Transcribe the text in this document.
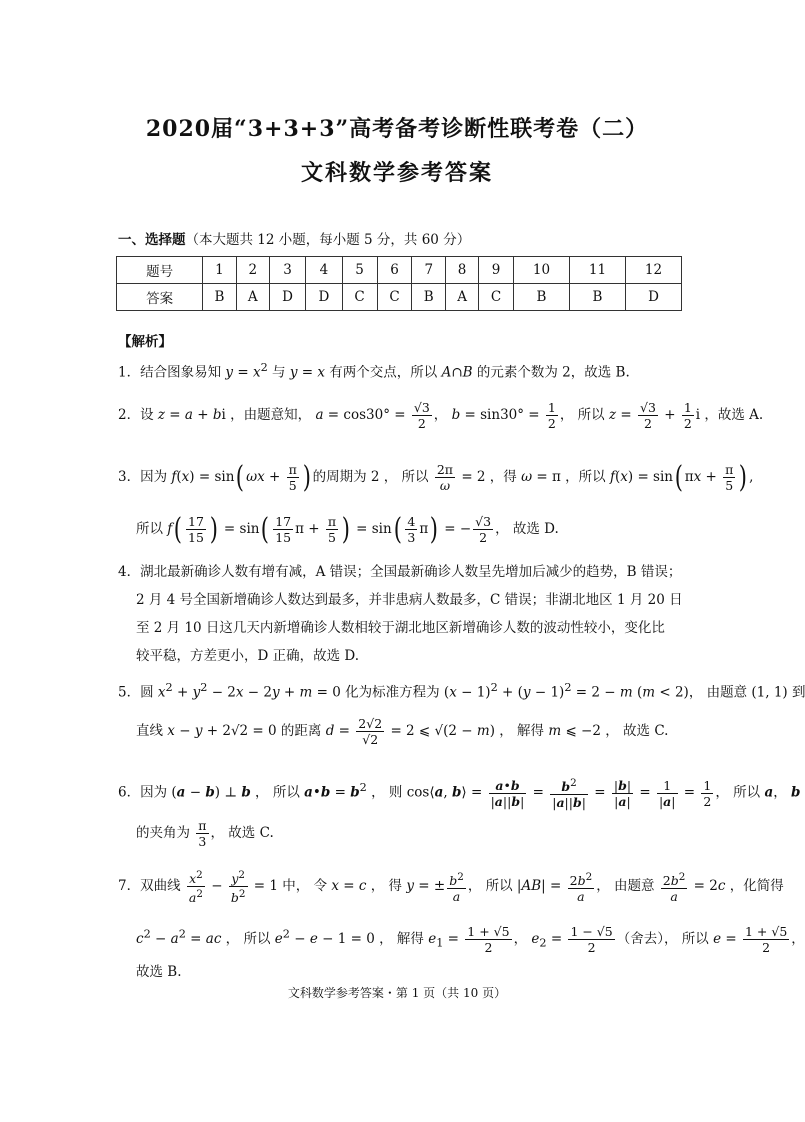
2020届“3+3+3”高考备考诊断性联考卷（二）
文科数学参考答案
一、选择题（本大题共 12 小题，每小题 5 分，共 60 分）
题号	1	2	3	4	5	6	7	8	9	10	11	12
答案	B	A	D	D	C	C	B	A	C	B	B	D
【解析】
1．结合图象易知 $y = x^2$ 与 y = x 有两个交点，所以 A∩B 的元素个数为 2，故选 B.
2．设 z = a + bi ，由题意知， $a = \cos 30^\circ = \frac{√3}{2}$ ， $b = \sin 30^\circ = \frac{1}{2}$ ， 所以 $z = \frac{√3}{2} + \frac{1}{2}$ i ，故选 A.
3．因为 f(x) = sin( $\omega x + \frac{\pi}{5}$ ) 的周期为 2 ， 所以 $\frac{2\pi}{\omega} = 2$ ，得 ω = π ，所以 f(x) = sin( $\pi x + \frac{\pi}{5}$ ) ,
所以 $f( \frac{17}{15}$ ) = $\sin( \frac{17}{15}$ $\pi + \frac{\pi}{5}$ ) = $\sin( \frac{4}{3} \pi)$ = − $\frac{√3}{2}$ ， 故选 D.
4．湖北最新确诊人数有增有减，A 错误；全国最新确诊人数呈先增加后减少的趋势，B 错误；
2 月 4 号全国新增确诊人数达到最多，并非患病人数最多，C 错误；非湖北地区 1 月 20 日
至 2 月 10 日这几天内新增确诊人数相较于湖北地区新增确诊人数的波动性较小，变化比
较平稳，方差更小，D 正确，故选 D.
5．圆 $x^2 + y^2 - 2x - 2y + m = 0$ 化为标准方程为 $(x - 1)^2 + (y - 1)^2 = 2 - m$ (m < 2)， 由题意 (1, 1) 到
直线 x − y + 2√2 = 0 的距离 $d = \frac{2√2}{√2} = 2$ ⩽ √(2 − m) ， 解得 m ⩽ −2 ， 故选 C.
6．因为 (a − b) ⊥ b ， 所以 a•b = $b^2$ ， 则 cos⟨a, b⟩ = $\frac{a•b}{|a||b|} = \frac{b^2}{|a||b|} = \frac{|b|}{|a|} = \frac{1}{|a|} = \frac{1}{2}$ ， 所以 a， b
的夹角为 $\frac{\pi}{3}$ ， 故选 C.
7．双曲线 $\frac{x^2}{a^2} - \frac{y^2}{b^2} = 1$ 中， 令 x = c ， 得 y = ± $\frac{b^2}{a}$ ， 所以 $|AB| = \frac{2b^2}{a}$ ， 由题意 $\frac{2b^2}{a} = 2c$ ，化简得
$c^2 - a^2$ = ac ， 所以 $e^2 - e - 1 = 0$ ， 解得 $e_1 = \frac{1 + √5}{2}$ ， $e_2 = \frac{1 - √5}{2}$ （舍去）， 所以 $e = \frac{1 + √5}{2}$ ，
故选 B.
文科数学参考答案・第 1 页（共 10 页）
